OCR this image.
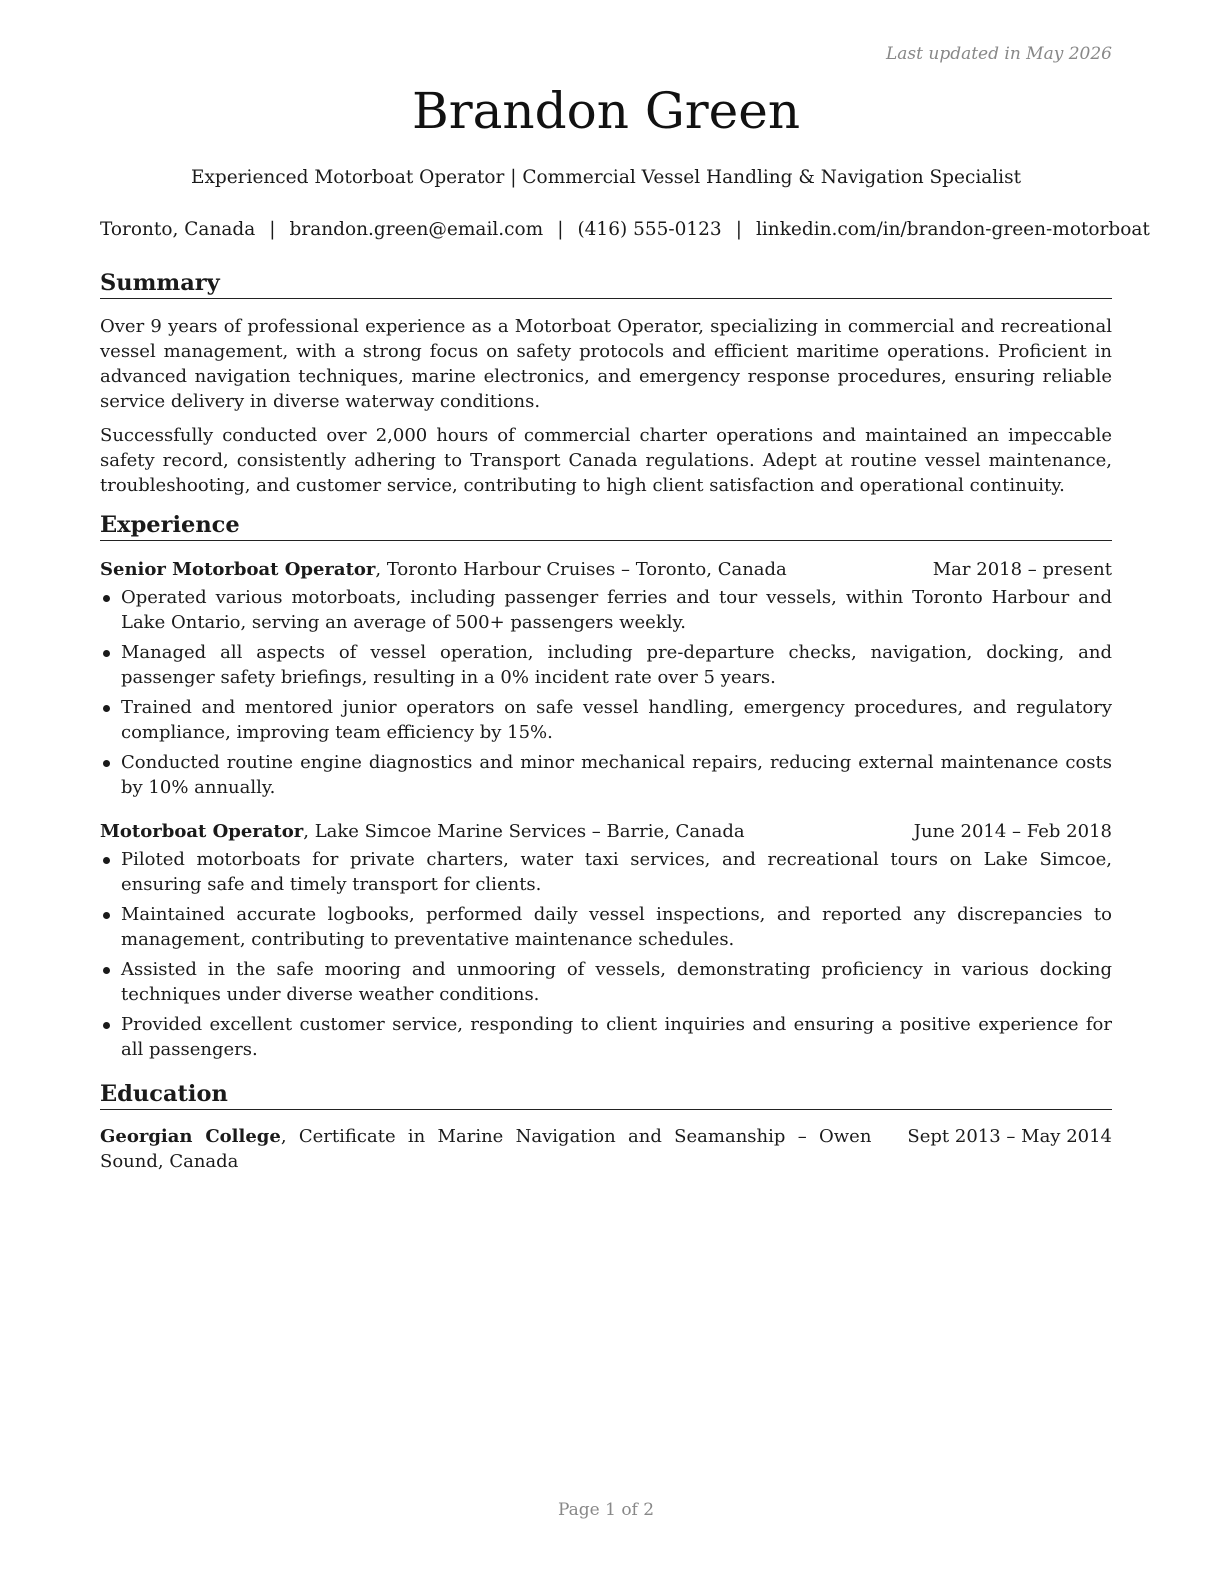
Last updated in May 2026
Brandon Green
Experienced Motorboat Operator | Commercial Vessel Handling & Navigation Specialist
Toronto, Canada | brandon.green@email.com | (416) 555-0123 | linkedin.com/in/brandon-green-motorboat
Summary

Over 9 years of professional experience as a Motorboat Operator, specializing in commercial and recreational vessel management, with a strong focus on safety protocols and efficient maritime operations. Proficient in advanced navigation techniques, marine electronics, and emergency response procedures, ensuring reliable service delivery in diverse waterway conditions.

Successfully conducted over 2,000 hours of commercial charter operations and maintained an impeccable safety record, consistently adhering to Transport Canada regulations. Adept at routine vessel maintenance, troubleshooting, and customer service, contributing to high client satisfaction and operational continuity.

Experience
Senior Motorboat Operator, Toronto Harbour Cruises – Toronto, Canada	Mar 2018 – present
Operated various motorboats, including passenger ferries and tour vessels, within Toronto Harbour and Lake Ontario, serving an average of 500+ passengers weekly.
Managed all aspects of vessel operation, including pre-departure checks, navigation, docking, and passenger safety briefings, resulting in a 0% incident rate over 5 years.
Trained and mentored junior operators on safe vessel handling, emergency procedures, and regulatory compliance, improving team efficiency by 15%.
Conducted routine engine diagnostics and minor mechanical repairs, reducing external maintenance costs by 10% annually.
Motorboat Operator, Lake Simcoe Marine Services – Barrie, Canada	June 2014 – Feb 2018
Piloted motorboats for private charters, water taxi services, and recreational tours on Lake Simcoe, ensuring safe and timely transport for clients.
Maintained accurate logbooks, performed daily vessel inspections, and reported any discrepancies to management, contributing to preventative maintenance schedules.
Assisted in the safe mooring and unmooring of vessels, demonstrating proficiency in various docking techniques under diverse weather conditions.
Provided excellent customer service, responding to client inquiries and ensuring a positive experience for all passengers.
Education
Georgian College, Certificate in Marine Navigation and Seamanship – Owen Sound, Canada
Sept 2013 – May 2014
Page 1 of 2
